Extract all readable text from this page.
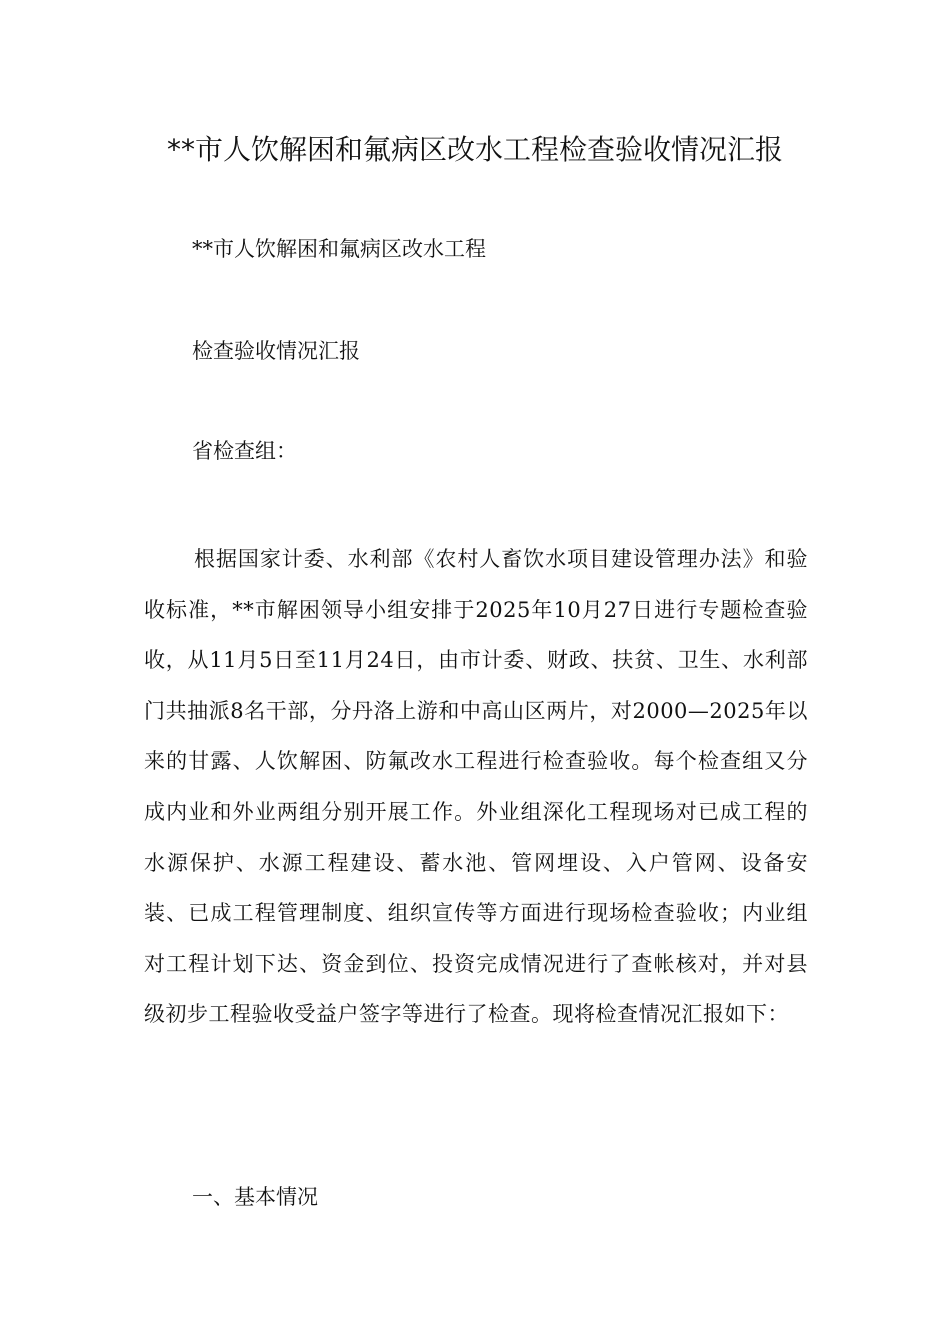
**市人饮解困和氟病区改水工程检查验收情况汇报

**市人饮解困和氟病区改水工程

检查验收情况汇报

省检查组：

根据国家计委、水利部《农村人畜饮水项目建设管理办法》和验收标准，**市解困领导小组安排于2025年10月27日进行专题检查验收，从11月5日至11月24日，由市计委、财政、扶贫、卫生、水利部门共抽派8名干部，分丹洛上游和中高山区两片，对2000—2025年以来的甘露、人饮解困、防氟改水工程进行检查验收。每个检查组又分成内业和外业两组分别开展工作。外业组深化工程现场对已成工程的水源保护、水源工程建设、蓄水池、管网埋设、入户管网、设备安装、已成工程管理制度、组织宣传等方面进行现场检查验收；内业组对工程计划下达、资金到位、投资完成情况进行了查帐核对，并对县级初步工程验收受益户签字等进行了检查。现将检查情况汇报如下：

一、基本情况
